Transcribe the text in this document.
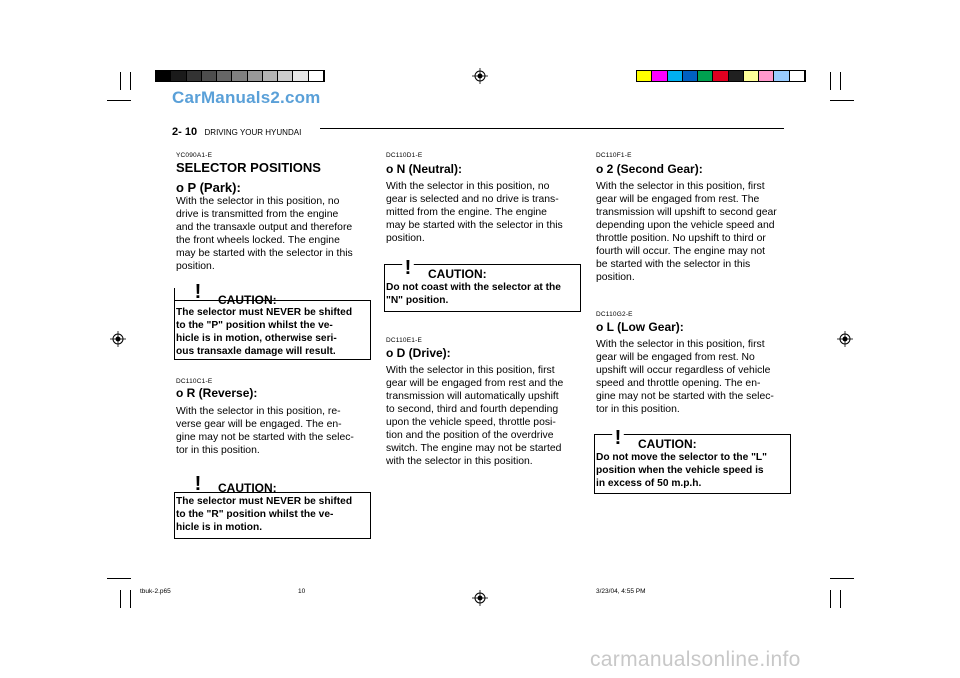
CarManuals2.com
2- 10 DRIVING YOUR HYUNDAI
YC090A1-E
SELECTOR POSITIONS
o P (Park):
With the selector in this position, no
drive is transmitted from the engine
and the transaxle output and therefore
the front wheels locked. The engine
may be started with the selector in this
position.
! CAUTION:
The selector must NEVER be shifted
to the "P" position whilst the ve-
hicle is in motion, otherwise seri-
ous transaxle damage will result.
DC110C1-E
o R (Reverse):
With the selector in this position, re-
verse gear will be engaged. The en-
gine may not be started with the selec-
tor in this position.
! CAUTION:
The selector must NEVER be shifted
to the "R" position whilst the ve-
hicle is in motion.
DC110D1-E
o N (Neutral):
With the selector in this position, no
gear is selected and no drive is trans-
mitted from the engine. The engine
may be started with the selector in this
position.
! CAUTION:
Do not coast with the selector at the
"N" position.
DC110E1-E
o D (Drive):
With the selector in this position, first
gear will be engaged from rest and the
transmission will automatically upshift
to second, third and fourth depending
upon the vehicle speed, throttle posi-
tion and the position of the overdrive
switch. The engine may not be started
with the selector in this position.
DC110F1-E
o 2 (Second Gear):
With the selector in this position, first
gear will be engaged from rest. The
transmission will upshift to second gear
depending upon the vehicle speed and
throttle position. No upshift to third or
fourth will occur. The engine may not
be started with the selector in this
position.
DC110G2-E
o L (Low Gear):
With the selector in this position, first
gear will be engaged from rest. No
upshift will occur regardless of vehicle
speed and throttle opening. The en-
gine may not be started with the selec-
tor in this position.
! CAUTION:
Do not move the selector to the "L"
position when the vehicle speed is
in excess of 50 m.p.h.
tbuk-2.p65	10	3/23/04, 4:55 PM
carmanualsonline.info
